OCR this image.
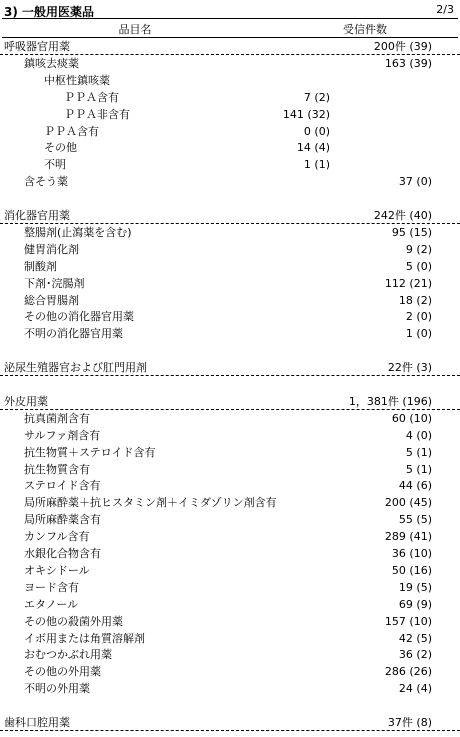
3) 一般用医薬品	2/3
品目名	受信件数
呼吸器官用薬	200件 (39)
鎮咳去痰薬	163 (39)
中枢性鎮咳薬
ＰＰＡ含有	7 (2)
ＰＰＡ非含有	141 (32)
ＰＰＡ含有	0 (0)
その他	14 (4)
不明	1 (1)
含そう薬	37 (0)
消化器官用薬	242件 (40)
整腸剤(止瀉薬を含む)	95 (15)
健胃消化剤	9 (2)
制酸剤	5 (0)
下剤･浣腸剤	112 (21)
総合胃腸剤	18 (2)
その他の消化器官用薬	2 (0)
不明の消化器官用薬	1 (0)
泌尿生殖器官および肛門用剤	22件 (3)
外皮用薬	1，381件 (196)
抗真菌剤含有	60 (10)
サルファ剤含有	4 (0)
抗生物質＋ステロイド含有	5 (1)
抗生物質含有	5 (1)
ステロイド含有	44 (6)
局所麻酔薬＋抗ヒスタミン剤＋イミダゾリン剤含有	200 (45)
局所麻酔薬含有	55 (5)
カンフル含有	289 (41)
水銀化合物含有	36 (10)
オキシドール	50 (16)
ヨード含有	19 (5)
エタノール	69 (9)
その他の殺菌外用薬	157 (10)
イボ用または角質溶解剤	42 (5)
おむつかぶれ用薬	36 (2)
その他の外用薬	286 (26)
不明の外用薬	24 (4)
歯科口腔用薬	37件 (8)
